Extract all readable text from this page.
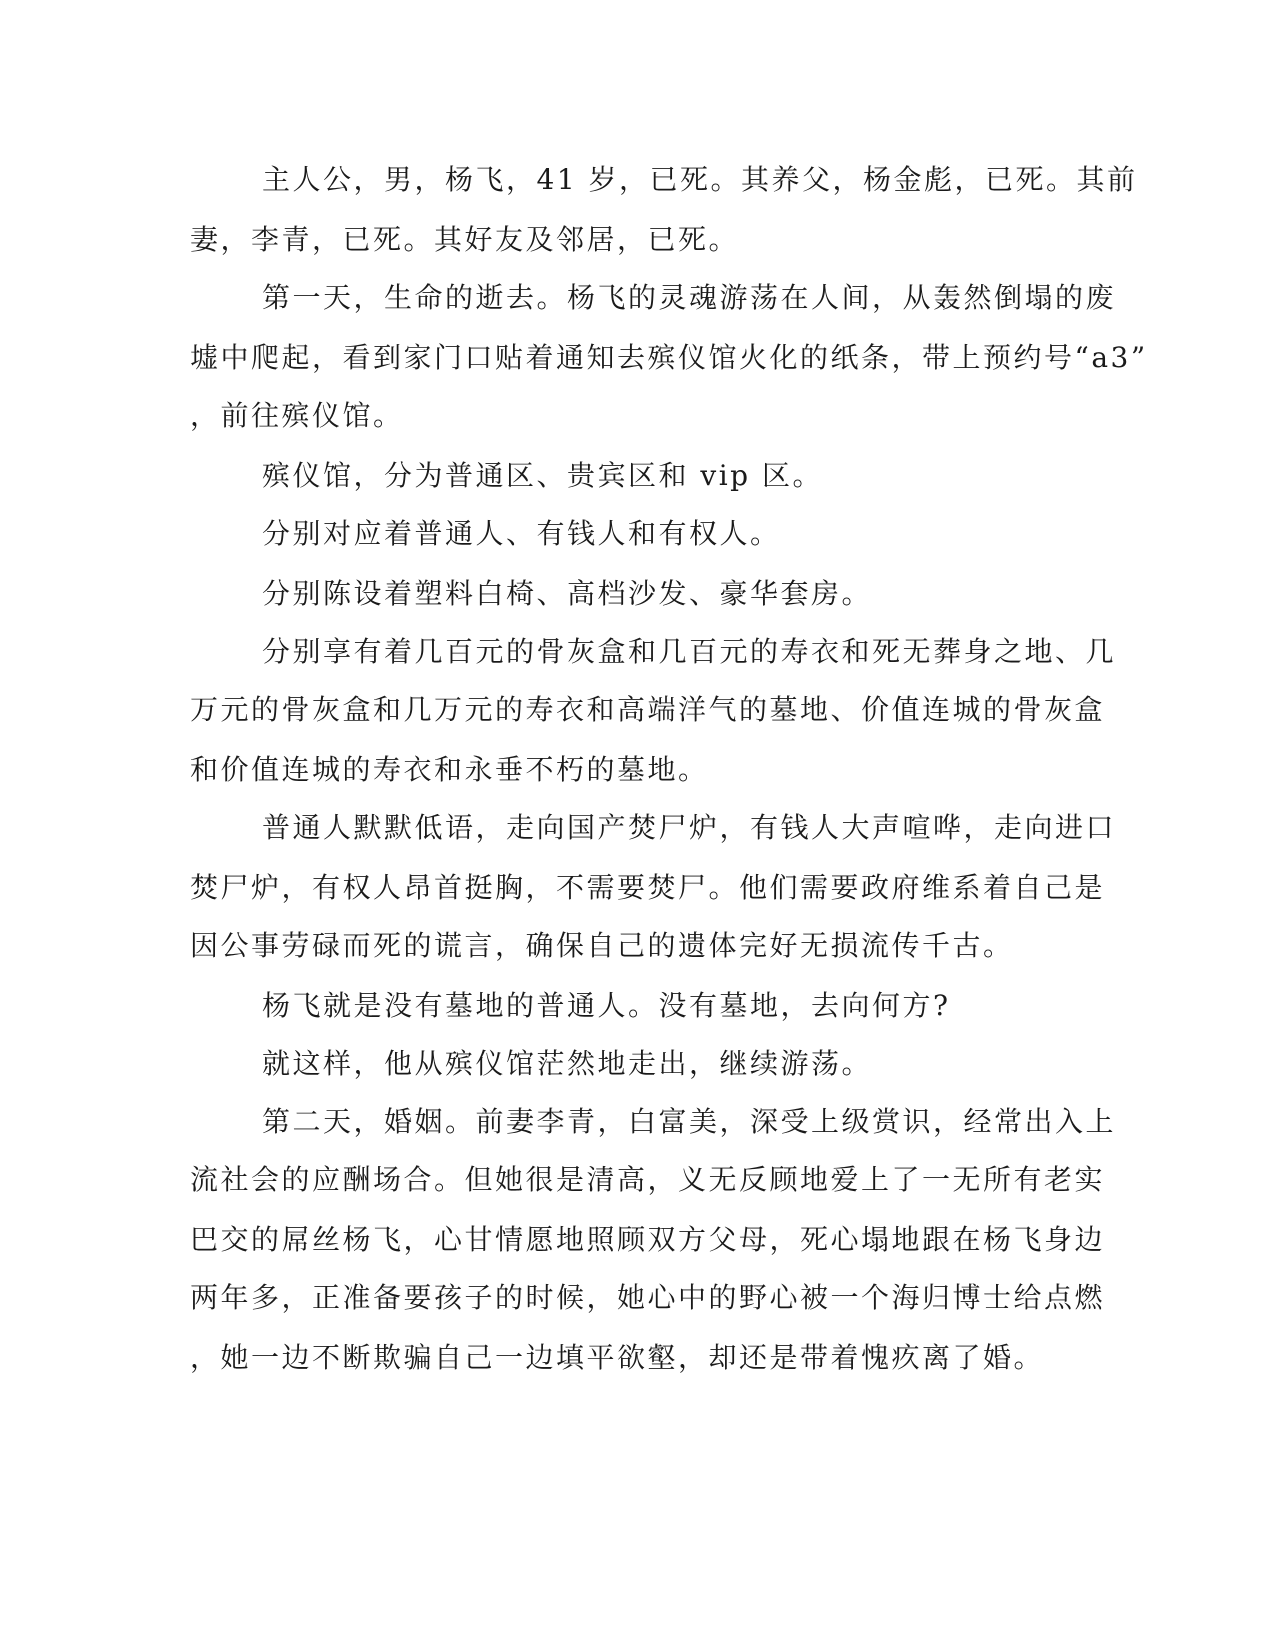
主人公，男，杨飞，41 岁，已死。其养父，杨金彪，已死。其前
妻，李青，已死。其好友及邻居，已死。
第一天，生命的逝去。杨飞的灵魂游荡在人间，从轰然倒塌的废
墟中爬起，看到家门口贴着通知去殡仪馆火化的纸条，带上预约号“a3”
，前往殡仪馆。
殡仪馆，分为普通区、贵宾区和 vip 区。
分别对应着普通人、有钱人和有权人。
分别陈设着塑料白椅、高档沙发、豪华套房。
分别享有着几百元的骨灰盒和几百元的寿衣和死无葬身之地、几
万元的骨灰盒和几万元的寿衣和高端洋气的墓地、价值连城的骨灰盒
和价值连城的寿衣和永垂不朽的墓地。
普通人默默低语，走向国产焚尸炉，有钱人大声喧哗，走向进口
焚尸炉，有权人昂首挺胸，不需要焚尸。他们需要政府维系着自己是
因公事劳碌而死的谎言，确保自己的遗体完好无损流传千古。
杨飞就是没有墓地的普通人。没有墓地，去向何方?
就这样，他从殡仪馆茫然地走出，继续游荡。
第二天，婚姻。前妻李青，白富美，深受上级赏识，经常出入上
流社会的应酬场合。但她很是清高，义无反顾地爱上了一无所有老实
巴交的屌丝杨飞，心甘情愿地照顾双方父母，死心塌地跟在杨飞身边
两年多，正准备要孩子的时候，她心中的野心被一个海归博士给点燃
，她一边不断欺骗自己一边填平欲壑，却还是带着愧疚离了婚。
